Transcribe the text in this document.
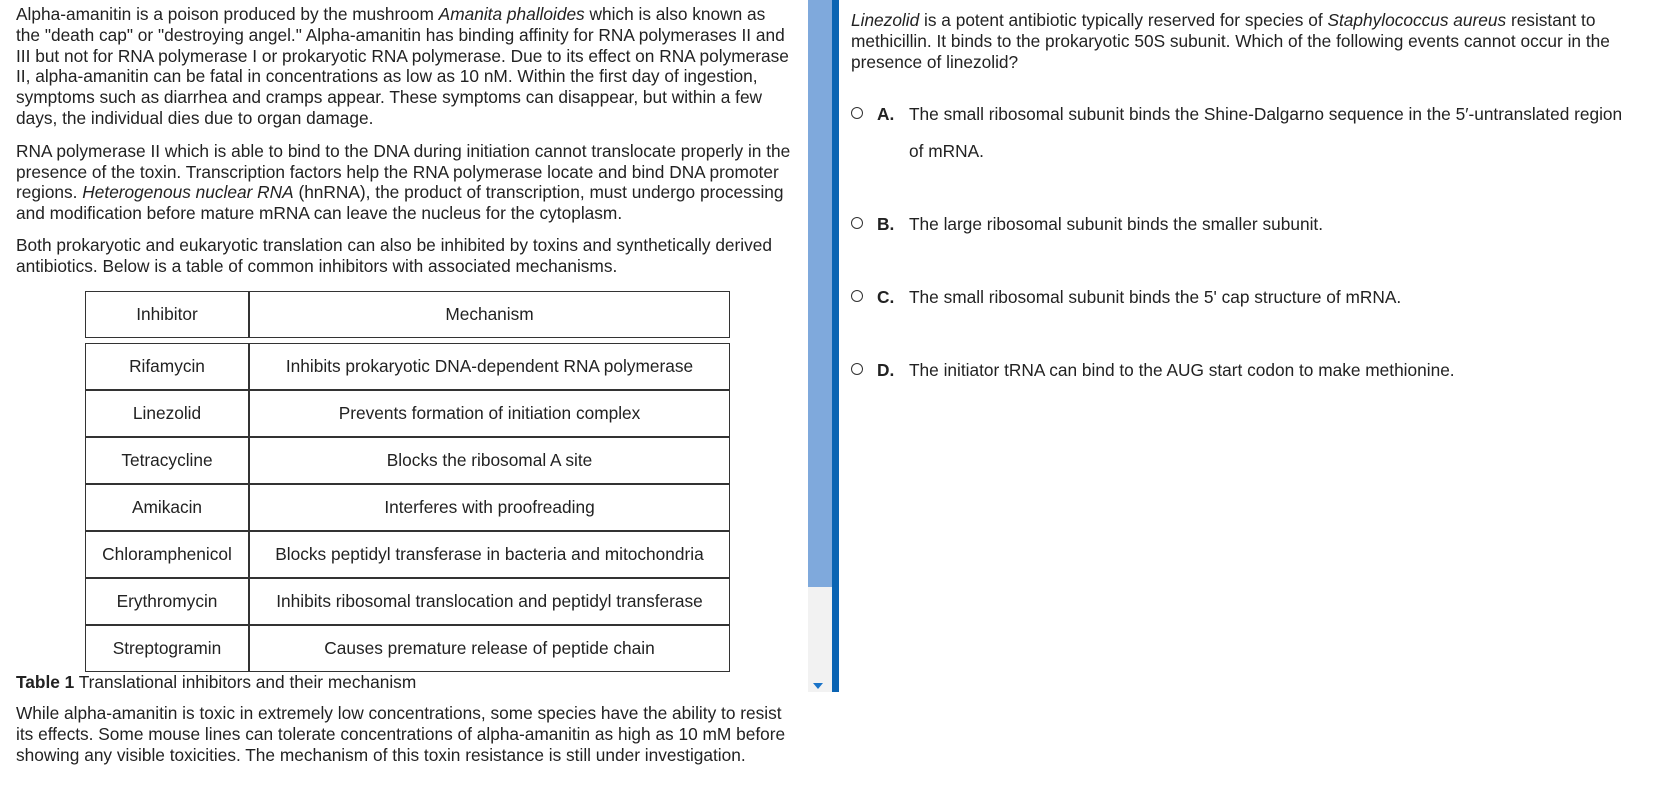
Alpha-amanitin is a poison produced by the mushroom Amanita phalloides which is also known as the "death cap" or "destroying angel." Alpha-amanitin has binding affinity for RNA polymerases II and III but not for RNA polymerase I or prokaryotic RNA polymerase. Due to its effect on RNA polymerase II, alpha-amanitin can be fatal in concentrations as low as 10 nM. Within the first day of ingestion, symptoms such as diarrhea and cramps appear. These symptoms can disappear, but within a few days, the individual dies due to organ damage.

RNA polymerase II which is able to bind to the DNA during initiation cannot translocate properly in the presence of the toxin. Transcription factors help the RNA polymerase locate and bind DNA promoter regions. Heterogenous nuclear RNA (hnRNA), the product of transcription, must undergo processing and modification before mature mRNA can leave the nucleus for the cytoplasm.

Both prokaryotic and eukaryotic translation can also be inhibited by toxins and synthetically derived antibiotics. Below is a table of common inhibitors with associated mechanisms.

Inhibitor	Mechanism

Rifamycin	Inhibits prokaryotic DNA-dependent RNA polymerase
Linezolid	Prevents formation of initiation complex
Tetracycline	Blocks the ribosomal A site
Amikacin	Interferes with proofreading
Chloramphenicol	Blocks peptidyl transferase in bacteria and mitochondria
Erythromycin	Inhibits ribosomal translocation and peptidyl transferase
Streptogramin	Causes premature release of peptide chain

Table 1 Translational inhibitors and their mechanism

While alpha-amanitin is toxic in extremely low concentrations, some species have the ability to resist its effects. Some mouse lines can tolerate concentrations of alpha-amanitin as high as 10 mM before showing any visible toxicities. The mechanism of this toxin resistance is still under investigation.

Linezolid is a potent antibiotic typically reserved for species of Staphylococcus aureus resistant to methicillin. It binds to the prokaryotic 50S subunit. Which of the following events cannot occur in the presence of linezolid?
A. The small ribosomal subunit binds the Shine-Dalgarno sequence in the 5′-untranslated region of mRNA.
B. The large ribosomal subunit binds the smaller subunit.
C. The small ribosomal subunit binds the 5' cap structure of mRNA.
D. The initiator tRNA can bind to the AUG start codon to make methionine.
